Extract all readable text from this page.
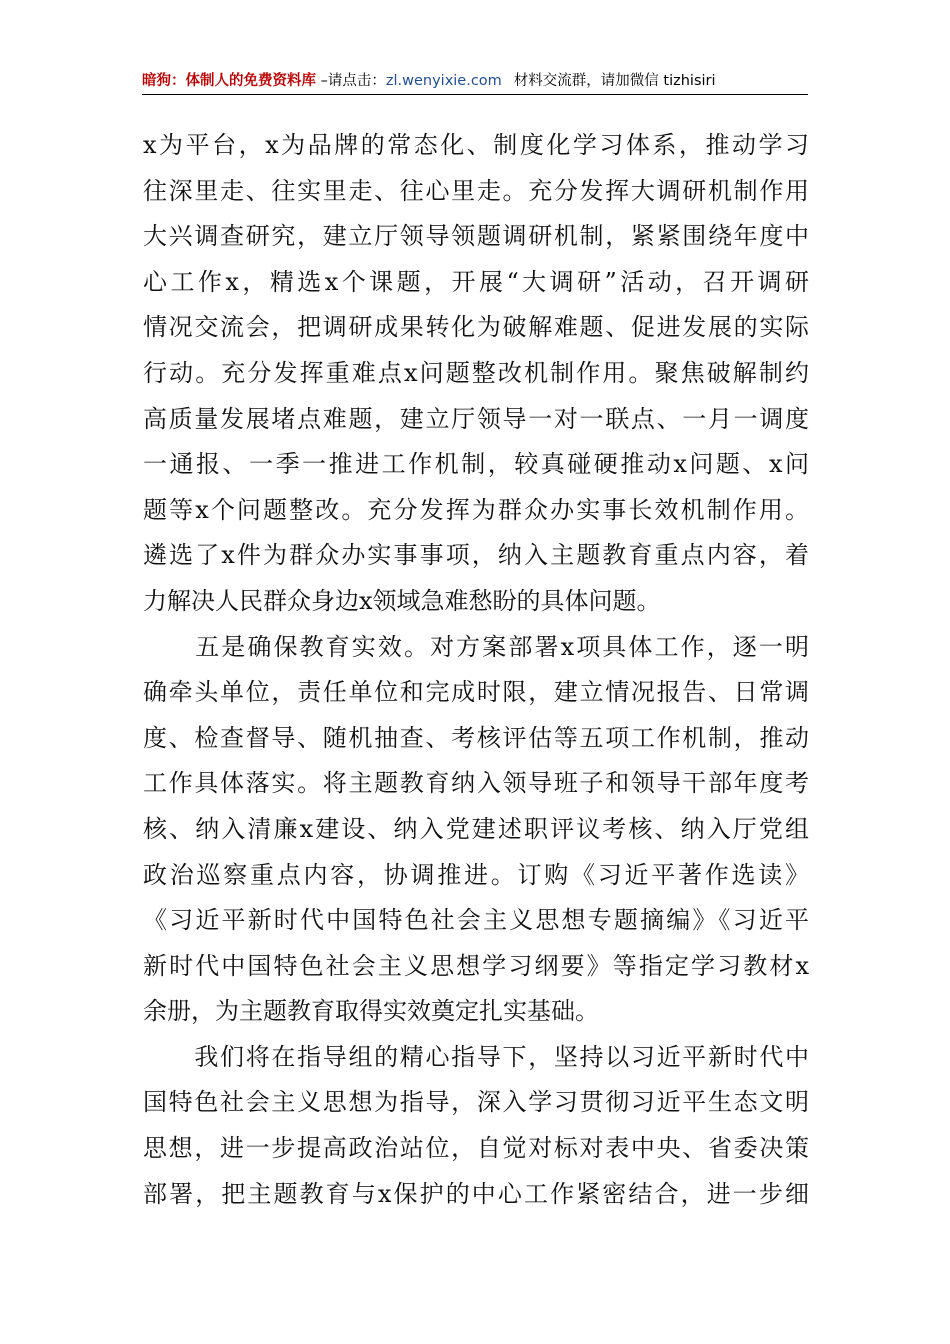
暗狗：体制人的免费资料库 –请点击：zl.wenyixie.com 材料交流群，请加微信 tizhisiri
x为平台，x为品牌的常态化、制度化学习体系，推动学习
往深里走、往实里走、往心里走。充分发挥大调研机制作用
大兴调查研究，建立厅领导领题调研机制，紧紧围绕年度中
心工作x，精选x个课题，开展“大调研”活动，召开调研
情况交流会，把调研成果转化为破解难题、促进发展的实际
行动。充分发挥重难点x问题整改机制作用。聚焦破解制约
高质量发展堵点难题，建立厅领导一对一联点、一月一调度
一通报、一季一推进工作机制，较真碰硬推动x问题、x问
题等x个问题整改。充分发挥为群众办实事长效机制作用。
遴选了x件为群众办实事事项，纳入主题教育重点内容，着
力解决人民群众身边x领域急难愁盼的具体问题。
　　五是确保教育实效。对方案部署x项具体工作，逐一明
确牵头单位，责任单位和完成时限，建立情况报告、日常调
度、检查督导、随机抽查、考核评估等五项工作机制，推动
工作具体落实。将主题教育纳入领导班子和领导干部年度考
核、纳入清廉x建设、纳入党建述职评议考核、纳入厅党组
政治巡察重点内容，协调推进。订购《习近平著作选读》
《习近平新时代中国特色社会主义思想专题摘编》《习近平
新时代中国特色社会主义思想学习纲要》等指定学习教材x
余册，为主题教育取得实效奠定扎实基础。
　　我们将在指导组的精心指导下，坚持以习近平新时代中
国特色社会主义思想为指导，深入学习贯彻习近平生态文明
思想，进一步提高政治站位，自觉对标对表中央、省委决策
部署，把主题教育与x保护的中心工作紧密结合，进一步细
